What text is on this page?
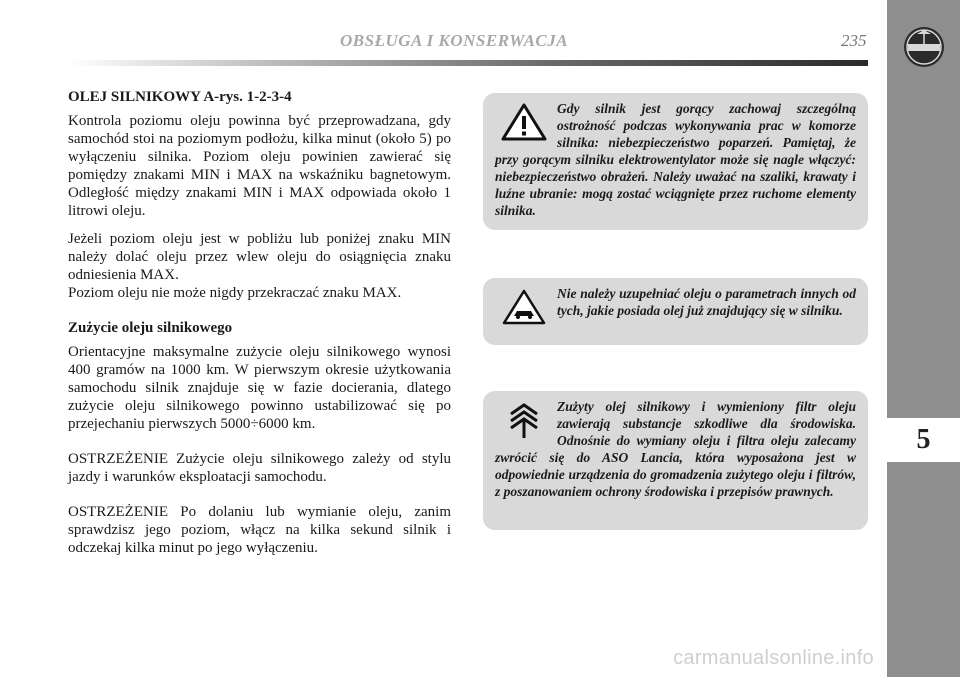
OBSŁUGA I KONSERWACJA	235
5

OLEJ SILNIKOWY A-rys. 1-2-3-4

Kontrola poziomu oleju powinna być przeprowadzana, gdy samochód stoi na poziomym podłożu, kilka minut (około 5) po wyłączeniu silnika. Poziom oleju powinien zawierać się pomiędzy znakami MIN i MAX na wskaźniku bagnetowym. Odległość między znakami MIN i MAX odpowiada około 1 litrowi oleju.

Jeżeli poziom oleju jest w pobliżu lub poniżej znaku MIN należy dolać oleju przez wlew oleju do osiągnięcia znaku odniesienia MAX.

Poziom oleju nie może nigdy przekraczać znaku MAX.

Zużycie oleju silnikowego

Orientacyjne maksymalne zużycie oleju silnikowego wynosi 400 gramów na 1000 km. W pierwszym okresie użytkowania samochodu silnik znajduje się w fazie docierania, dlatego zużycie oleju silnikowego powinno ustabilizować się po przejechaniu pierwszych 5000÷6000 km.

OSTRZEŻENIE Zużycie oleju silnikowego zależy od stylu jazdy i warunków eksploatacji samochodu.

OSTRZEŻENIE Po dolaniu lub wymianie oleju, zanim sprawdzisz jego poziom, włącz na kilka sekund silnik i odczekaj kilka minut po jego wyłączeniu.

Gdy silnik jest gorący zachowaj szczególną ostrożność podczas wykonywania prac w komorze silnika: niebezpieczeństwo poparzeń. Pamiętaj, że przy gorącym silniku elektrowentylator może się nagle włączyć: niebezpieczeństwo obrażeń. Należy uważać na szaliki, krawaty i luźne ubranie: mogą zostać wciągnięte przez ruchome elementy silnika.
Nie należy uzupełniać oleju o parametrach innych od tych, jakie posiada olej już znajdujący się w silniku.
Zużyty olej silnikowy i wymieniony filtr oleju zawierają substancje szkodliwe dla środowiska. Odnośnie do wymiany oleju i filtra oleju zalecamy zwrócić się do ASO Lancia, która wyposażona jest w odpowiednie urządzenia do gromadzenia zużytego oleju i filtrów, z poszanowaniem ochrony środowiska i przepisów prawnych.
carmanualsonline.info
